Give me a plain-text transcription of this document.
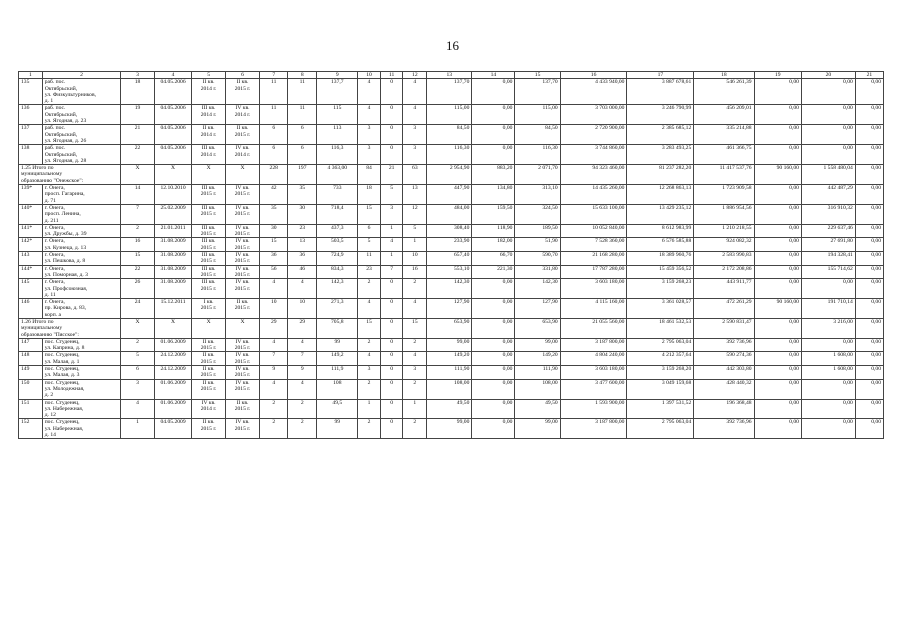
16
1	2	3	4	5	6	7	8	9	10	11	12	13	14	15	16	17	18	19	20	21
135	раб. пос.
Октябрьский,
ул. Физкультурников,
д. 1	18	04.05.2006	II кв.
2014 г.	II кв.
2015 г.	11	11	137,7	4	0	4	137,70	0,00	137,70	4 433 940,00	3 887 678,61	546 261,39	0,00	0,00	0,00
136	раб. пос.
Октябрьский,
ул. Ягодная, д. 23	19	04.05.2006	III кв.
2014 г.	IV кв.
2014 г.	11	11	115	4	0	4	115,00	0,00	115,00	3 703 000,00	3 246 790,99	456 209,01	0,00	0,00	0,00
137	раб. пос.
Октябрьский,
ул. Ягодная, д. 26	21	04.05.2006	II кв.
2014 г.	II кв.
2015 г.	6	6	113	3	0	3	84,50	0,00	84,50	2 720 900,00	2 385 685,12	335 214,88	0,00	0,00	0,00
138	раб. пос.
Октябрьский,
ул. Ягодная, д. 28	22	04.05.2006	III кв.
2014 г.	IV кв.
2014 г.	6	6	116,3	3	0	3	116,30	0,00	116,30	3 744 860,00	3 283 493,25	461 366,75	0,00	0,00	0,00

1.25 Итого по
муниципальному
образованию "Онежское":		X	X	X	X	228	197	4 363,00	84	21	63	2 954,90	883,20	2 071,70	94 323 460,00	81 237 282,20	11 417 537,76	90 160,00	1 558 480,04	0,00
139*	г. Онега,
просп. Гагарина,
д. 71	14	12.10.2010	III кв.
2015 г.	IV кв.
2015 г.	42	35	733	18	5	13	447,90	134,80	313,10	14 435 260,00	12 268 863,13	1 723 909,58	0,00	442 487,29	0,00
140*	г. Онега,
просп. Ленина,
д. 211	7	25.02.2009	III кв.
2015 г.	IV кв.
2015 г.	35	30	718,4	15	3	12	484,00	159,50	324,50	15 633 100,00	13 429 235,12	1 886 954,56	0,00	316 910,32	0,00
141*	г. Онега,
ул. Дружбы, д. 39	2	21.01.2011	III кв.
2015 г.	IV кв.
2015 г.	30	23	437,3	6	1	5	308,40	118,90	189,50	10 052 840,00	8 612 983,99	1 210 218,55	0,00	229 637,46	0,00
142*	г. Онега,
ул. Кузнеца, д. 13	16	31.08.2009	III кв.
2015 г.	IV кв.
2015 г.	15	13	503,5	5	4	1	233,90	182,00	51,90	7 528 360,00	6 576 585,88	924 082,32	0,00	27 691,80	0,00
143	г. Онега,
ул. Пешкова, д. 8	15	31.08.2009	III кв.
2015 г.	IV кв.
2015 г.	36	36	724,9	11	1	10	657,40	66,70	590,70	21 168 280,00	18 389 960,76	2 583 990,83	0,00	194 328,41	0,00
144*	г. Онега,
ул. Поморная, д. 3	22	31.08.2009	III кв.
2015 г.	IV кв.
2015 г.	56	46	834,3	23	7	16	553,10	221,30	331,80	17 787 280,00	15 459 356,52	2 172 208,86	0,00	155 714,62	0,00
145	г. Онега,
ул. Профсоюзная,
д. 11	26	31.08.2009	III кв.
2015 г.	IV кв.
2015 г.	4	4	142,3	2	0	2	142,30	0,00	142,30	3 603 180,00	3 159 268,23	443 911,77	0,00	0,00	0,00
146	г. Онега,
пр. Кирова, д. 83,
корп. а	24	15.12.2011	I кв.
2015 г.	II кв.
2015 г.	10	10	271,3	4	0	4	127,90	0,00	127,90	4 115 160,00	3 361 028,57	472 261,29	90 160,00	191 710,14	0,00

1.26 Итого по
муниципальному
образованию "Пясское":		X	X	X	X	29	29	705,8	15	0	15	653,90	0,00	653,90	21 055 560,00	18 461 532,53	2 590 831,47	0,00	3 216,00	0,00
147	пос. Студенец,
ул. Каприна, д. 8	2	01.06.2009	II кв.
2015 г.	IV кв.
2015 г.	4	4	99	2	0	2	99,00	0,00	99,00	3 187 800,00	2 795 063,04	392 736,96	0,00	0,00	0,00
148	пос. Студенец,
ул. Малая, д. 1	5	24.12.2009	II кв.
2015 г.	IV кв.
2015 г.	7	7	149,2	4	0	4	149,20	0,00	149,20	4 804 240,00	4 212 357,64	590 274,36	0,00	1 608,00	0,00
149	пос. Студенец,
ул. Малая, д. 3	6	24.12.2009	II кв.
2015 г.	IV кв.
2015 г.	9	9	111,9	3	0	3	111,90	0,00	111,90	3 603 180,00	3 159 268,20	442 303,80	0,00	1 608,00	0,00
150	пос. Студенец,
ул. Молодежная,
д. 2	3	01.06.2009	II кв.
2015 г.	IV кв.
2015 г.	4	4	108	2	0	2	108,00	0,00	108,00	3 477 600,00	3 049 159,68	428 440,32	0,00	0,00	0,00
151	пос. Студенец,
ул. Набережная,
д. 12	4	01.06.2009	IV кв.
2014 г.	II кв.
2015 г.	2	2	49,5	1	0	1	49,50	0,00	49,50	1 593 900,00	1 397 531,52	196 368,48	0,00	0,00	0,00
152	пос. Студенец,
ул. Набережная,
д. 14	1	04.05.2009	II кв.
2015 г.	IV кв.
2015 г.	2	2	99	2	0	2	99,00	0,00	99,00	3 187 800,00	2 795 063,04	392 736,96	0,00	0,00	0,00
